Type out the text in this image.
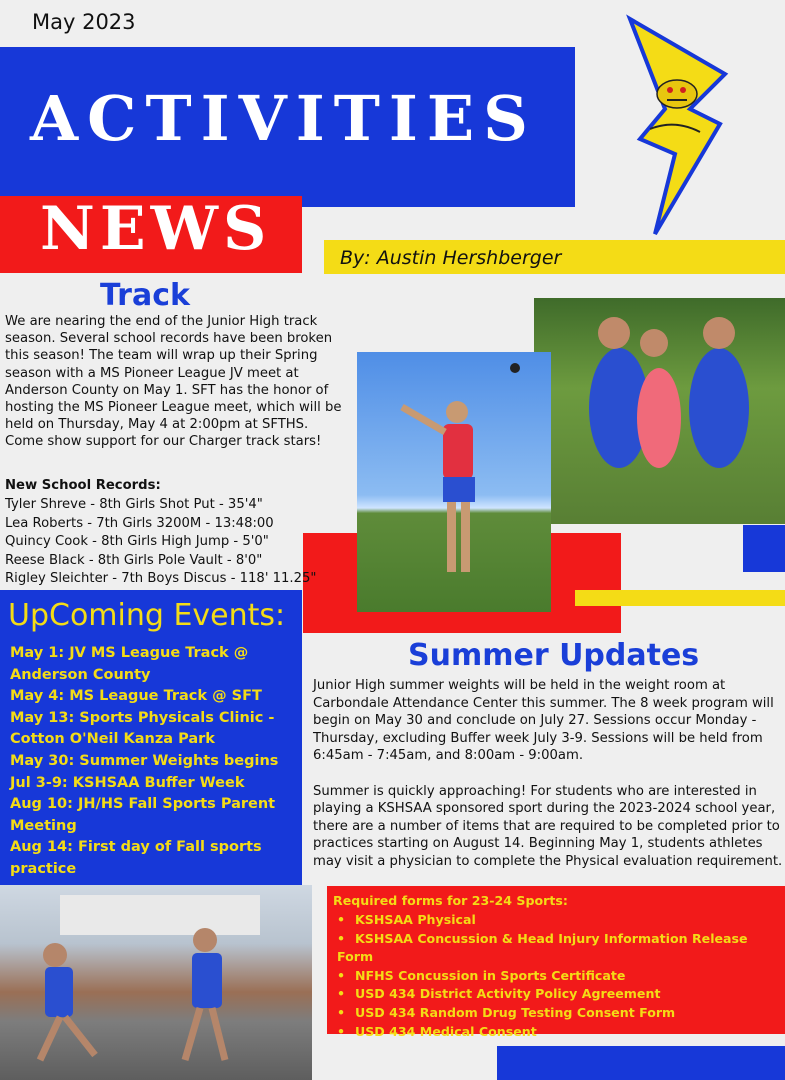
May 2023
ACTIVITIES
NEWS	By: Austin Hershberger
Track
We are nearing the end of the Junior High track season. Several school records have been broken this season! The team will wrap up their Spring season with a MS Pioneer League JV meet at Anderson County on May 1. SFT has the honor of hosting the MS Pioneer League meet, which will be held on Thursday, May 4 at 2:00pm at SFTHS. Come show support for our Charger track stars!
New School Records:
Tyler Shreve - 8th Girls Shot Put - 35'4"
Lea Roberts - 7th Girls 3200M - 13:48:00
Quincy Cook - 8th Girls High Jump - 5'0"
Reese Black - 8th Girls Pole Vault - 8'0"
Rigley Sleichter - 7th Boys Discus - 118' 11.25"
UpComing Events:
May 1: JV MS League Track @ Anderson County
May 4: MS League Track @ SFT
May 13: Sports Physicals Clinic - Cotton O'Neil Kanza Park
May 30: Summer Weights begins
Jul 3-9: KSHSAA Buffer Week
Aug 10: JH/HS Fall Sports Parent Meeting
Aug 14: First day of Fall sports practice
Summer Updates
Junior High summer weights will be held in the weight room at Carbondale Attendance Center this summer. The 8 week program will begin on May 30 and conclude on July 27. Sessions occur Monday - Thursday, excluding Buffer week July 3-9. Sessions will be held from 6:45am - 7:45am, and 8:00am - 9:00am.
Summer is quickly approaching! For students who are interested in playing a KSHSAA sponsored sport during the 2023-2024 school year, there are a number of items that are required to be completed prior to practices starting on August 14. Beginning May 1, students athletes may visit a physician to complete the Physical evaluation requirement.
Required forms for 23-24 Sports:
• KSHSAA Physical
• KSHSAA Concussion & Head Injury Information Release Form
• NFHS Concussion in Sports Certificate
• USD 434 District Activity Policy Agreement
• USD 434 Random Drug Testing Consent Form
• USD 434 Medical Consent
